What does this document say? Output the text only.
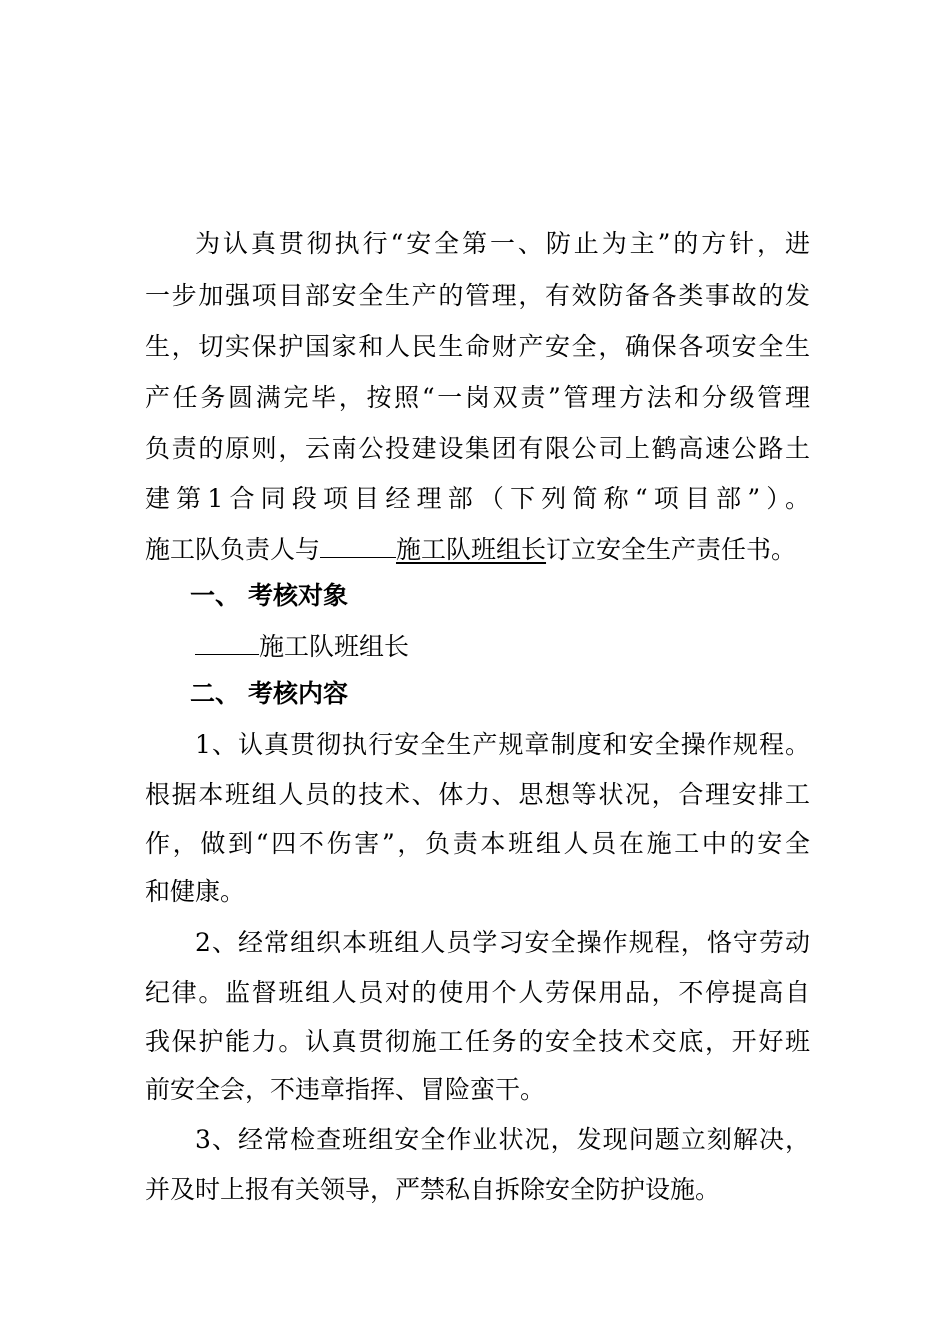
为认真贯彻执行“安全第一、防止为主”的方针，进
一步加强项目部安全生产的管理，有效防备各类事故的发
生，切实保护国家和人民生命财产安全，确保各项安全生
产任务圆满完毕，按照“一岗双责”管理方法和分级管理
负责的原则，云南公投建设集团有限公司上鹤高速公路土
建第1合同段项目经理部（下列简称“项目部”）。
施工队负责人与	施工队班组长订立安全生产责任书。
一、 考核对象
施工队班组长
二、 考核内容
1、认真贯彻执行安全生产规章制度和安全操作规程。
根据本班组人员的技术、体力、思想等状况，合理安排工
作，做到“四不伤害”，负责本班组人员在施工中的安全
和健康。
2、经常组织本班组人员学习安全操作规程，恪守劳动
纪律。监督班组人员对的使用个人劳保用品，不停提高自
我保护能力。认真贯彻施工任务的安全技术交底，开好班
前安全会，不违章指挥、冒险蛮干。
3、经常检查班组安全作业状况，发现问题立刻解决，
并及时上报有关领导，严禁私自拆除安全防护设施。
